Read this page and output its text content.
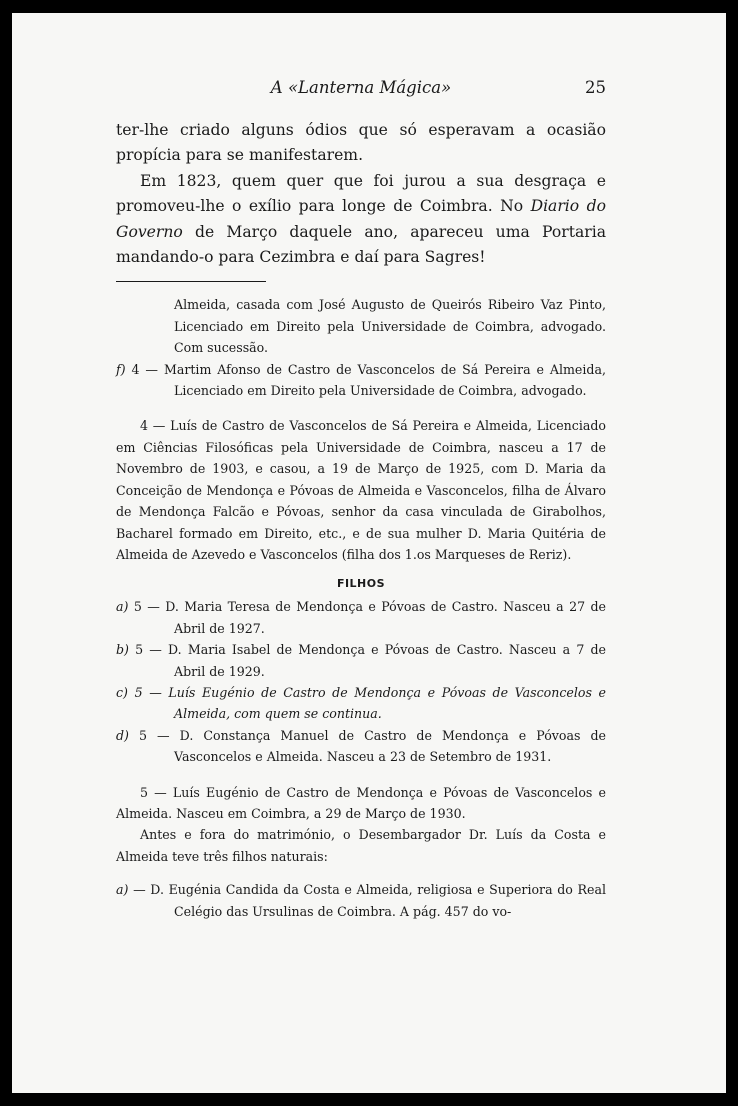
A «Lanterna Mágica»	25

ter-lhe criado alguns ódios que só esperavam a ocasião propícia para se manifestarem.

Em 1823, quem quer que foi jurou a sua desgraça e promoveu-lhe o exílio para longe de Coimbra. No Diario do Governo de Março daquele ano, apareceu uma Portaria mandando-o para Cezimbra e daí para Sagres!

Almeida, casada com José Augusto de Queirós Ribeiro Vaz Pinto, Licenciado em Direito pela Universidade de Coimbra, advogado. Com sucessão.

f) 4 — Martim Afonso de Castro de Vasconcelos de Sá Pereira e Almeida, Licenciado em Direito pela Universidade de Coimbra, advogado.

4 — Luís de Castro de Vasconcelos de Sá Pereira e Almeida, Licenciado em Ciências Filosóficas pela Universidade de Coimbra, nasceu a 17 de Novembro de 1903, e casou, a 19 de Março de 1925, com D. Maria da Conceição de Mendonça e Póvoas de Almeida e Vasconcelos, filha de Álvaro de Mendonça Falcão e Póvoas, senhor da casa vinculada de Girabolhos, Bacharel formado em Direito, etc., e de sua mulher D. Maria Quitéria de Almeida de Azevedo e Vasconcelos (filha dos 1.os Marqueses de Reriz).

FILHOS

a) 5 — D. Maria Teresa de Mendonça e Póvoas de Castro. Nasceu a 27 de Abril de 1927.

b) 5 — D. Maria Isabel de Mendonça e Póvoas de Castro. Nasceu a 7 de Abril de 1929.

c) 5 — Luís Eugénio de Castro de Mendonça e Póvoas de Vasconcelos e Almeida, com quem se continua.

d) 5 — D. Constança Manuel de Castro de Mendonça e Póvoas de Vasconcelos e Almeida. Nasceu a 23 de Setembro de 1931.

5 — Luís Eugénio de Castro de Mendonça e Póvoas de Vasconcelos e Almeida. Nasceu em Coimbra, a 29 de Março de 1930.

Antes e fora do matrimónio, o Desembargador Dr. Luís da Costa e Almeida teve três filhos naturais:

a) — D. Eugénia Candida da Costa e Almeida, religiosa e Superiora do Real Celégio das Ursulinas de Coimbra. A pág. 457 do vo-
